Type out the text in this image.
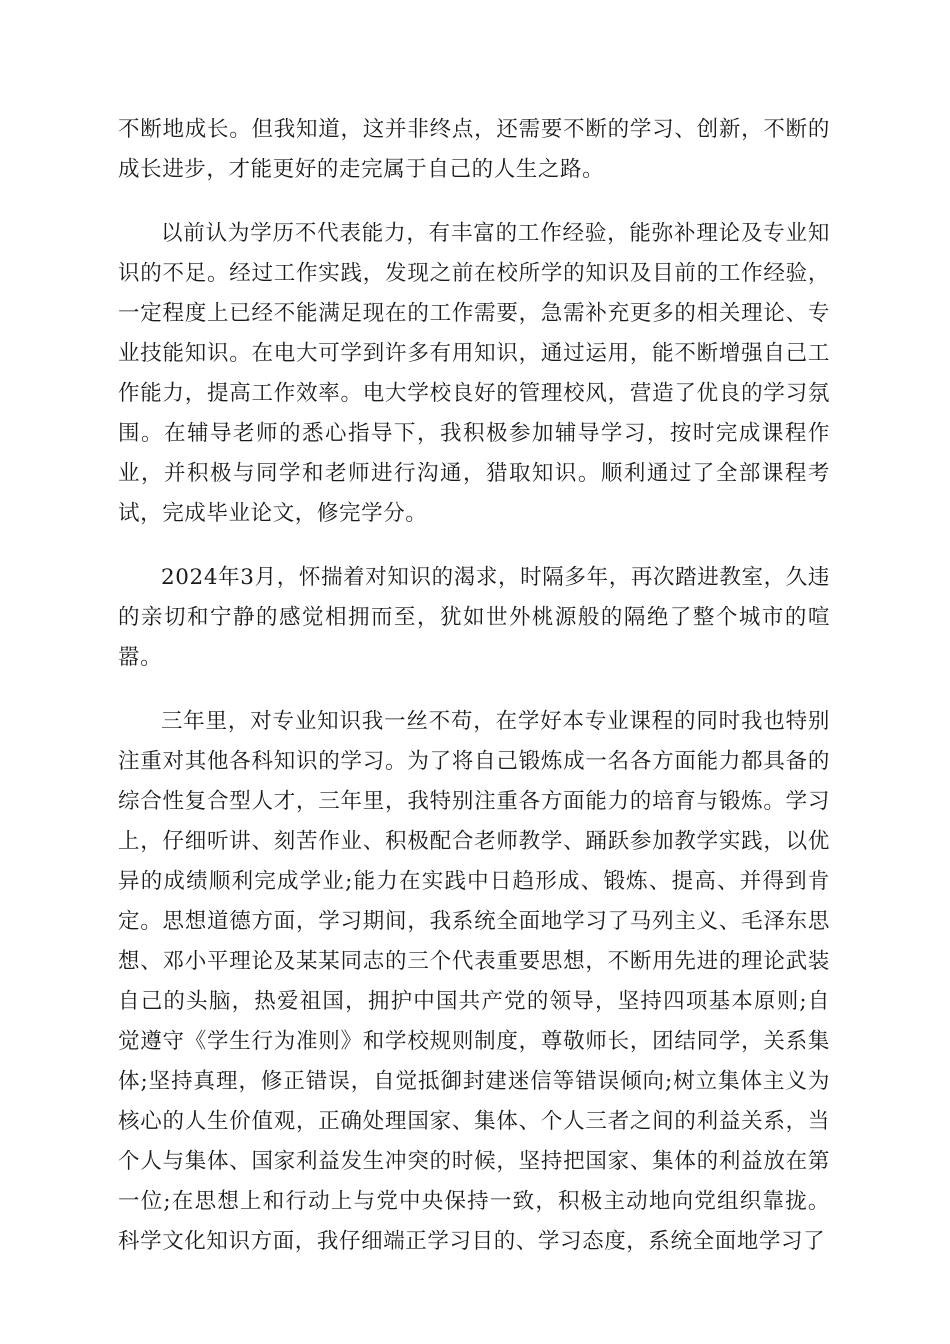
不断地成长。但我知道，这并非终点，还需要不断的学习、创新，不断的成长进步，才能更好的走完属于自己的人生之路。

以前认为学历不代表能力，有丰富的工作经验，能弥补理论及专业知识的不足。经过工作实践，发现之前在校所学的知识及目前的工作经验，一定程度上已经不能满足现在的工作需要，急需补充更多的相关理论、专业技能知识。在电大可学到许多有用知识，通过运用，能不断增强自己工作能力，提高工作效率。电大学校良好的管理校风，营造了优良的学习氛围。在辅导老师的悉心指导下，我积极参加辅导学习，按时完成课程作业，并积极与同学和老师进行沟通，猎取知识。顺利通过了全部课程考试，完成毕业论文，修完学分。

2024年3月，怀揣着对知识的渴求，时隔多年，再次踏进教室，久违的亲切和宁静的感觉相拥而至，犹如世外桃源般的隔绝了整个城市的喧嚣。

三年里，对专业知识我一丝不苟，在学好本专业课程的同时我也特别注重对其他各科知识的学习。为了将自己锻炼成一名各方面能力都具备的综合性复合型人才，三年里，我特别注重各方面能力的培育与锻炼。学习上，仔细听讲、刻苦作业、积极配合老师教学、踊跃参加教学实践，以优异的成绩顺利完成学业;能力在实践中日趋形成、锻炼、提高、并得到肯定。思想道德方面，学习期间，我系统全面地学习了马列主义、毛泽东思想、邓小平理论及某某同志的三个代表重要思想，不断用先进的理论武装自己的头脑，热爱祖国，拥护中国共产党的领导，坚持四项基本原则;自觉遵守《学生行为准则》和学校规则制度，尊敬师长，团结同学，关系集体;坚持真理，修正错误，自觉抵御封建迷信等错误倾向;树立集体主义为核心的人生价值观，正确处理国家、集体、个人三者之间的利益关系，当个人与集体、国家利益发生冲突的时候，坚持把国家、集体的利益放在第一位;在思想上和行动上与党中央保持一致，积极主动地向党组织靠拢。科学文化知识方面，我仔细端正学习目的、学习态度，系统全面地学习了
